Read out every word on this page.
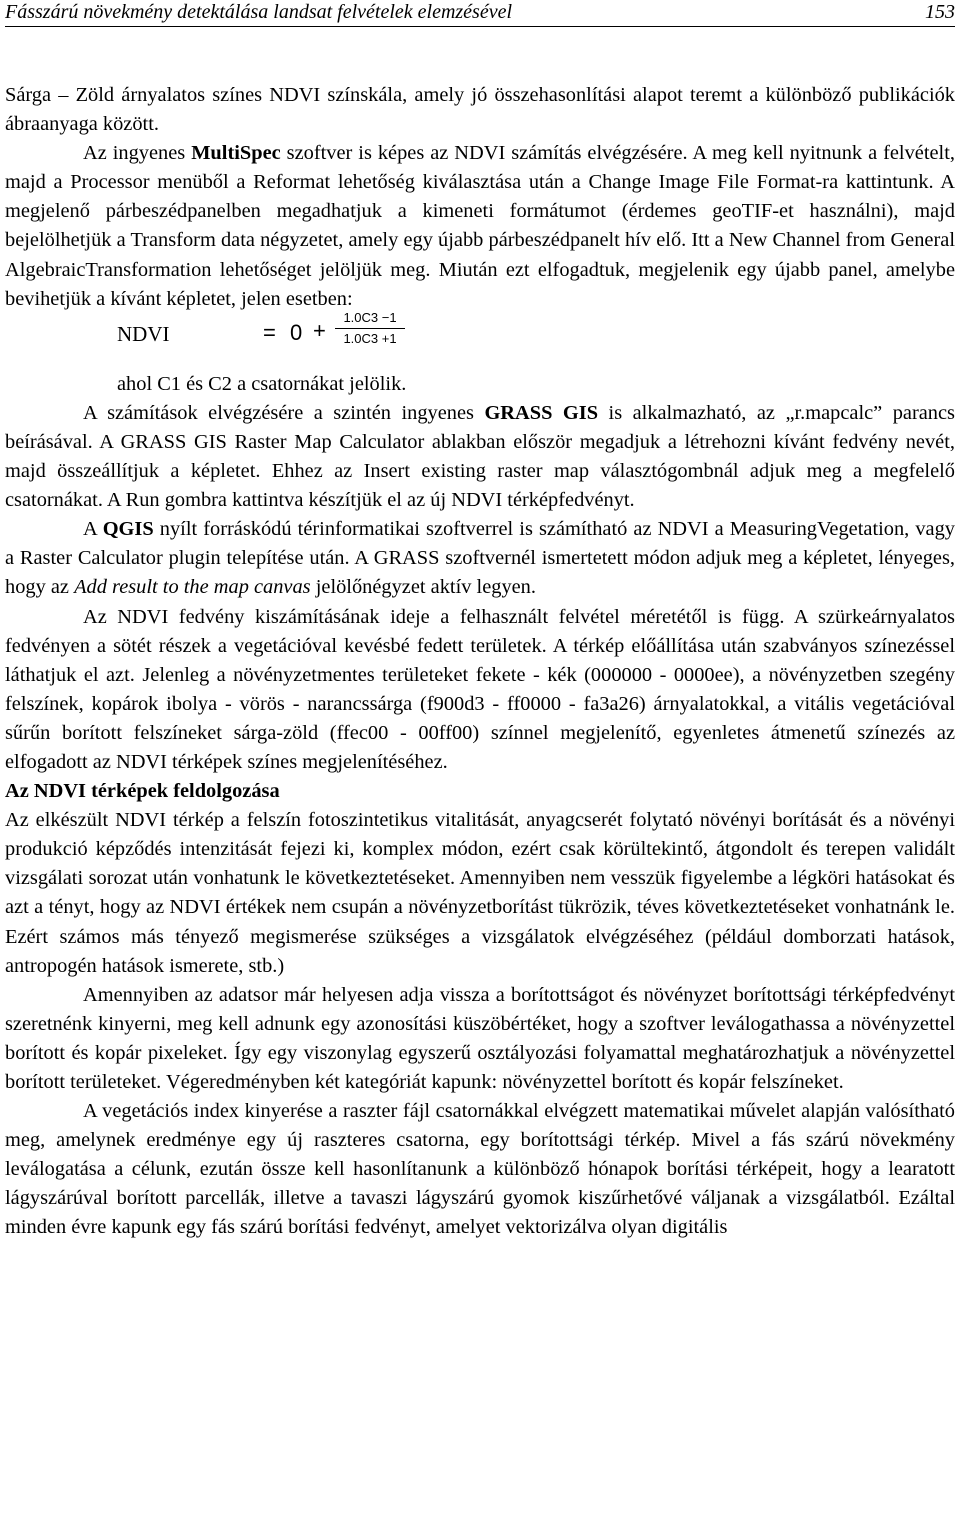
Fásszárú növekmény detektálása landsat felvételek elemzésével	153

Sárga – Zöld árnyalatos színes NDVI színskála, amely jó összehasonlítási alapot teremt a különböző publikációk ábraanyaga között.

Az ingyenes MultiSpec szoftver is képes az NDVI számítás elvégzésére. A meg kell nyitnunk a felvételt, majd a Processor menüből a Reformat lehetőség kiválasztása után a Change Image File Format-ra kattintunk. A megjelenő párbeszédpanelben megadhatjuk a kimeneti formátumot (érdemes geoTIF-et használni), majd bejelölhetjük a Transform data négyzetet, amely egy újabb párbeszédpanelt hív elő. Itt a New Channel from General AlgebraicTransformation lehetőséget jelöljük meg. Miután ezt elfogadtuk, megjelenik egy újabb panel, amelybe bevihetjük a kívánt képletet, jelen esetben:

NDVI	= $0 + \frac{1.0C3 -1}{1.0C3 +1}$

ahol C1 és C2 a csatornákat jelölik.

A számítások elvégzésére a szintén ingyenes GRASS GIS is alkalmazható, az „r.mapcalc” parancs beírásával. A GRASS GIS Raster Map Calculator ablakban először megadjuk a létrehozni kívánt fedvény nevét, majd összeállítjuk a képletet. Ehhez az Insert existing raster map választógombnál adjuk meg a megfelelő csatornákat. A Run gombra kattintva készítjük el az új NDVI térképfedvényt.

A QGIS nyílt forráskódú térinformatikai szoftverrel is számítható az NDVI a MeasuringVegetation, vagy a Raster Calculator plugin telepítése után. A GRASS szoftvernél ismertetett módon adjuk meg a képletet, lényeges, hogy az Add result to the map canvas jelölőnégyzet aktív legyen.

Az NDVI fedvény kiszámításának ideje a felhasznált felvétel méretétől is függ. A szürkeárnyalatos fedvényen a sötét részek a vegetációval kevésbé fedett területek. A térkép előállítása után szabványos színezéssel láthatjuk el azt. Jelenleg a növényzetmentes területeket fekete - kék (000000 - 0000ee), a növényzetben szegény felszínek, kopárok ibolya - vörös - narancssárga (f900d3 - ff0000 - fa3a26) árnyalatokkal, a vitális vegetációval sűrűn borított felszíneket sárga-zöld (ffec00 - 00ff00) színnel megjelenítő, egyenletes átmenetű színezés az elfogadott az NDVI térképek színes megjelenítéséhez.

Az NDVI térképek feldolgozása

Az elkészült NDVI térkép a felszín fotoszintetikus vitalitását, anyagcserét folytató növényi borítását és a növényi produkció képződés intenzitását fejezi ki, komplex módon, ezért csak körültekintő, átgondolt és terepen validált vizsgálati sorozat után vonhatunk le következtetéseket. Amennyiben nem vesszük figyelembe a légköri hatásokat és azt a tényt, hogy az NDVI értékek nem csupán a növényzetborítást tükrözik, téves következtetéseket vonhatnánk le. Ezért számos más tényező megismerése szükséges a vizsgálatok elvégzéséhez (például domborzati hatások, antropogén hatások ismerete, stb.)

Amennyiben az adatsor már helyesen adja vissza a borítottságot és növényzet borítottsági térképfedvényt szeretnénk kinyerni, meg kell adnunk egy azonosítási küszöbértéket, hogy a szoftver leválogathassa a növényzettel borított és kopár pixeleket. Így egy viszonylag egyszerű osztályozási folyamattal meghatározhatjuk a növényzettel borított területeket. Végeredményben két kategóriát kapunk: növényzettel borított és kopár felszíneket.

A vegetációs index kinyerése a raszter fájl csatornákkal elvégzett matematikai művelet alapján valósítható meg, amelynek eredménye egy új raszteres csatorna, egy borítottsági térkép. Mivel a fás szárú növekmény leválogatása a célunk, ezután össze kell hasonlítanunk a különböző hónapok borítási térképeit, hogy a learatott lágyszárúval borított parcellák, illetve a tavaszi lágyszárú gyomok kiszűrhetővé váljanak a vizsgálatból. Ezáltal minden évre kapunk egy fás szárú borítási fedvényt, amelyet vektorizálva olyan digitális
